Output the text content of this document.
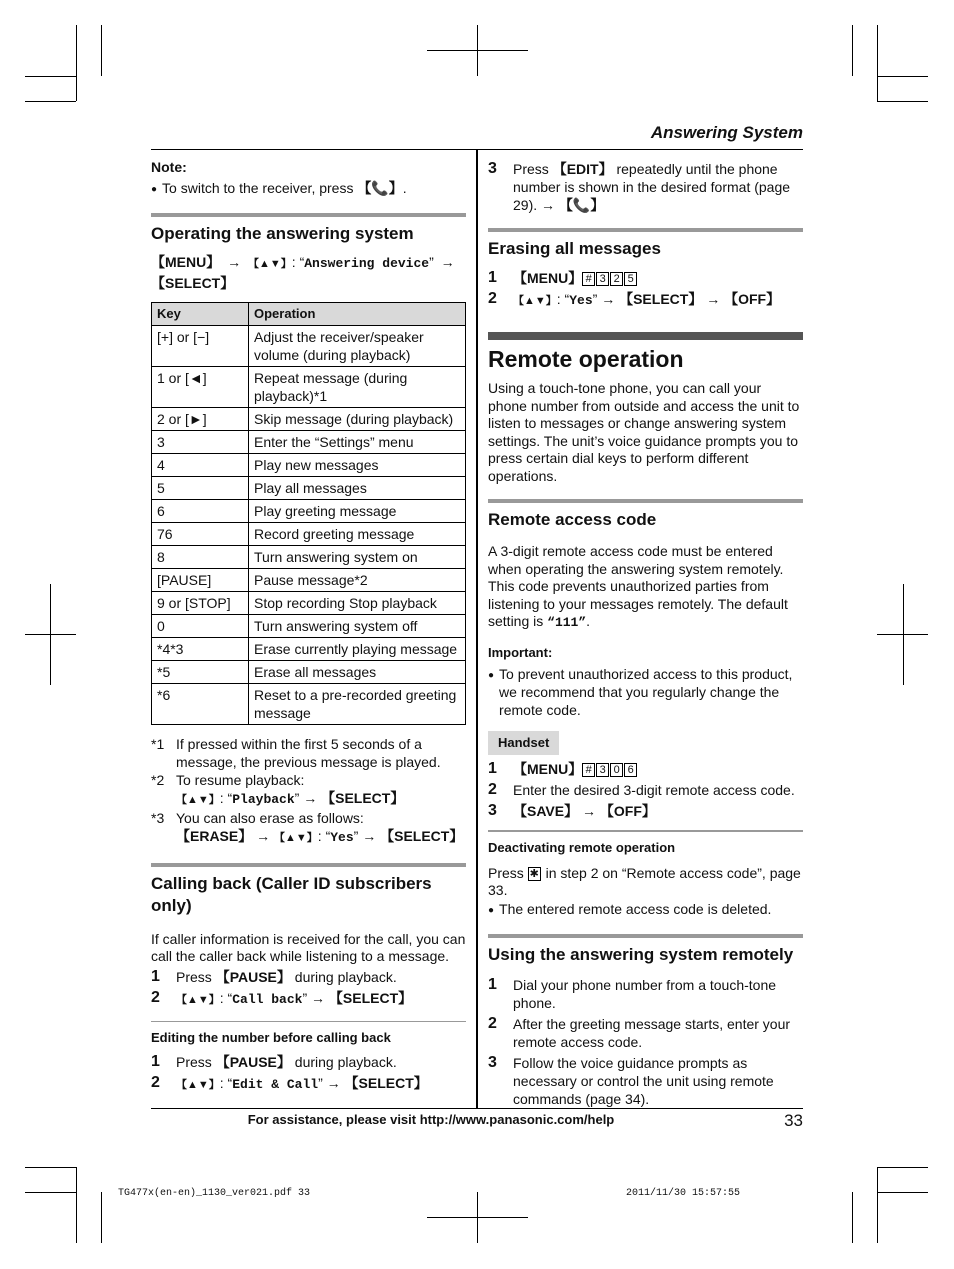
Answering System
Note:
● To switch to the receiver, press 【📞】.
Operating the answering system
【 MENU 】 → 【▲▼】: “Answering device” →
【 SELECT 】
Key	Operation
[+] or [−]	Adjust the receiver/speaker volume (during playback)
1 or [◄]	Repeat message (during playback)*1
2 or [►]	Skip message (during playback)
3	Enter the “Settings” menu
4	Play new messages
5	Play all messages
6	Play greeting message
76	Record greeting message
8	Turn answering system on
[PAUSE]	Pause message*2
9 or [STOP]	Stop recording Stop playback
0	Turn answering system off
*4*3	Erase currently playing message
*5	Erase all messages
*6	Reset to a pre-recorded greeting message
*1 If pressed within the first 5 seconds of a message, the previous message is played.
*2 To resume playback:
【▲▼】: “Playback” → 【 SELECT 】
*3 You can also erase as follows:
【 ERASE 】 → 【▲▼】: “Yes” → 【 SELECT 】
Calling back (Caller ID subscribers only)
If caller information is received for the call, you can call the caller back while listening to a message.
1	Press 【 PAUSE 】 during playback.
2	【▲▼】: “Call back” → 【 SELECT 】
Editing the number before calling back
1	Press 【 PAUSE 】 during playback.
2	【▲▼】: “Edit & Call” → 【 SELECT 】
3	Press 【 EDIT 】 repeatedly until the phone number is shown in the desired format (page 29). → 【📞】
Erasing all messages
1	【 MENU 】 # 3 2 5
2	【▲▼】: “Yes” → 【 SELECT 】 → 【 OFF 】
Remote operation
Using a touch-tone phone, you can call your phone number from outside and access the unit to listen to messages or change answering system settings. The unit’s voice guidance prompts you to press certain dial keys to perform different operations.
Remote access code
A 3-digit remote access code must be entered when operating the answering system remotely. This code prevents unauthorized parties from listening to your messages remotely. The default setting is “111”.
Important:
●
To prevent unauthorized access to this product, we recommend that you regularly change the remote code.
Handset
1	【 MENU 】 # 3 0 6
2	Enter the desired 3-digit remote access code.
3	【 SAVE 】 → 【 OFF 】
Deactivating remote operation
Press ✱ in step 2 on “Remote access code”, page 33.
●
The entered remote access code is deleted.
Using the answering system remotely
1	Dial your phone number from a touch-tone phone.
2	After the greeting message starts, enter your remote access code.
3	Follow the voice guidance prompts as necessary or control the unit using remote commands (page 34).
For assistance, please visit http://www.panasonic.com/help	33
TG477x(en-en)_1130_ver021.pdf 33	2011/11/30 15:57:55
